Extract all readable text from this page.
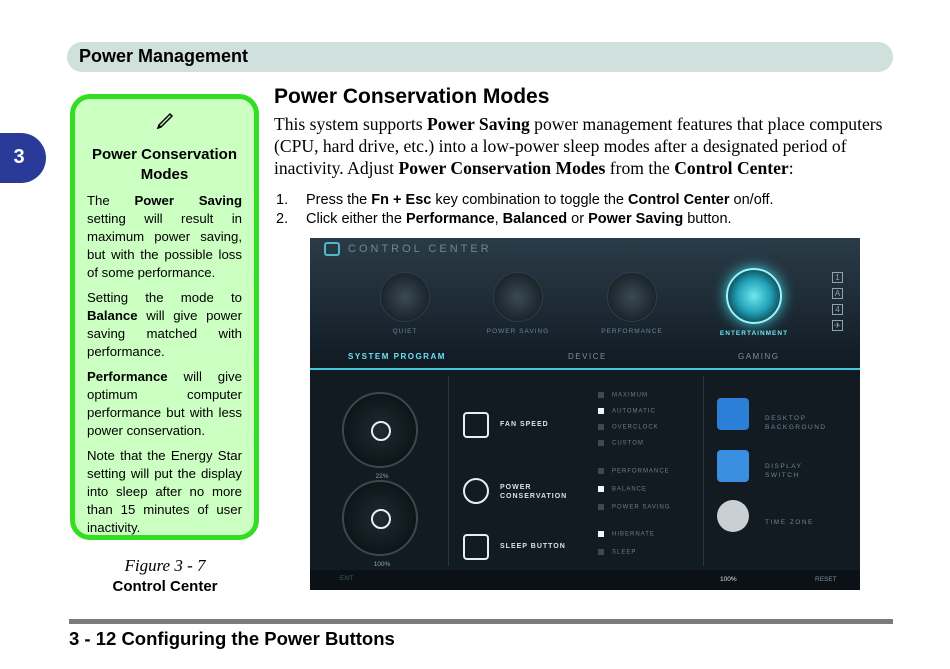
Power Management
3	Power Conservation Modes

The Power Saving setting will result in maximum power saving, but with the possible loss of some performance.

Setting the mode to Balance will give power saving matched with performance.

Performance will give optimum computer performance but with less power conservation.

Note that the Energy Star setting will put the display into sleep after no more than 15 minutes of user inactivity.

Figure 3 - 7
Control Center
Power Conservation Modes

This system supports Power Saving power management features that place computers (CPU, hard drive, etc.) into a low-power sleep modes after a designated period of inactivity. Adjust Power Conservation Modes from the Control Center:

1.	Press the Fn + Esc key combination to toggle the Control Center on/off.
2.	Click either the Performance, Balanced or Power Saving button.
CONTROL CENTER
1
A
4
✈
QUIET	POWER SAVING	PERFORMANCE	ENTERTAINMENT
SYSTEM PROGRAM	DEVICE	GAMING
22%
100%
FAN SPEED
POWER CONSERVATION
SLEEP BUTTON
MAXIMUM
AUTOMATIC
OVERCLOCK
CUSTOM
PERFORMANCE
BALANCE
POWER SAVING
HIBERNATE
SLEEP
DESKTOP BACKGROUND
DISPLAY SWITCH
TIME ZONE
EXIT	100%	RESET
3 - 12 Configuring the Power Buttons
